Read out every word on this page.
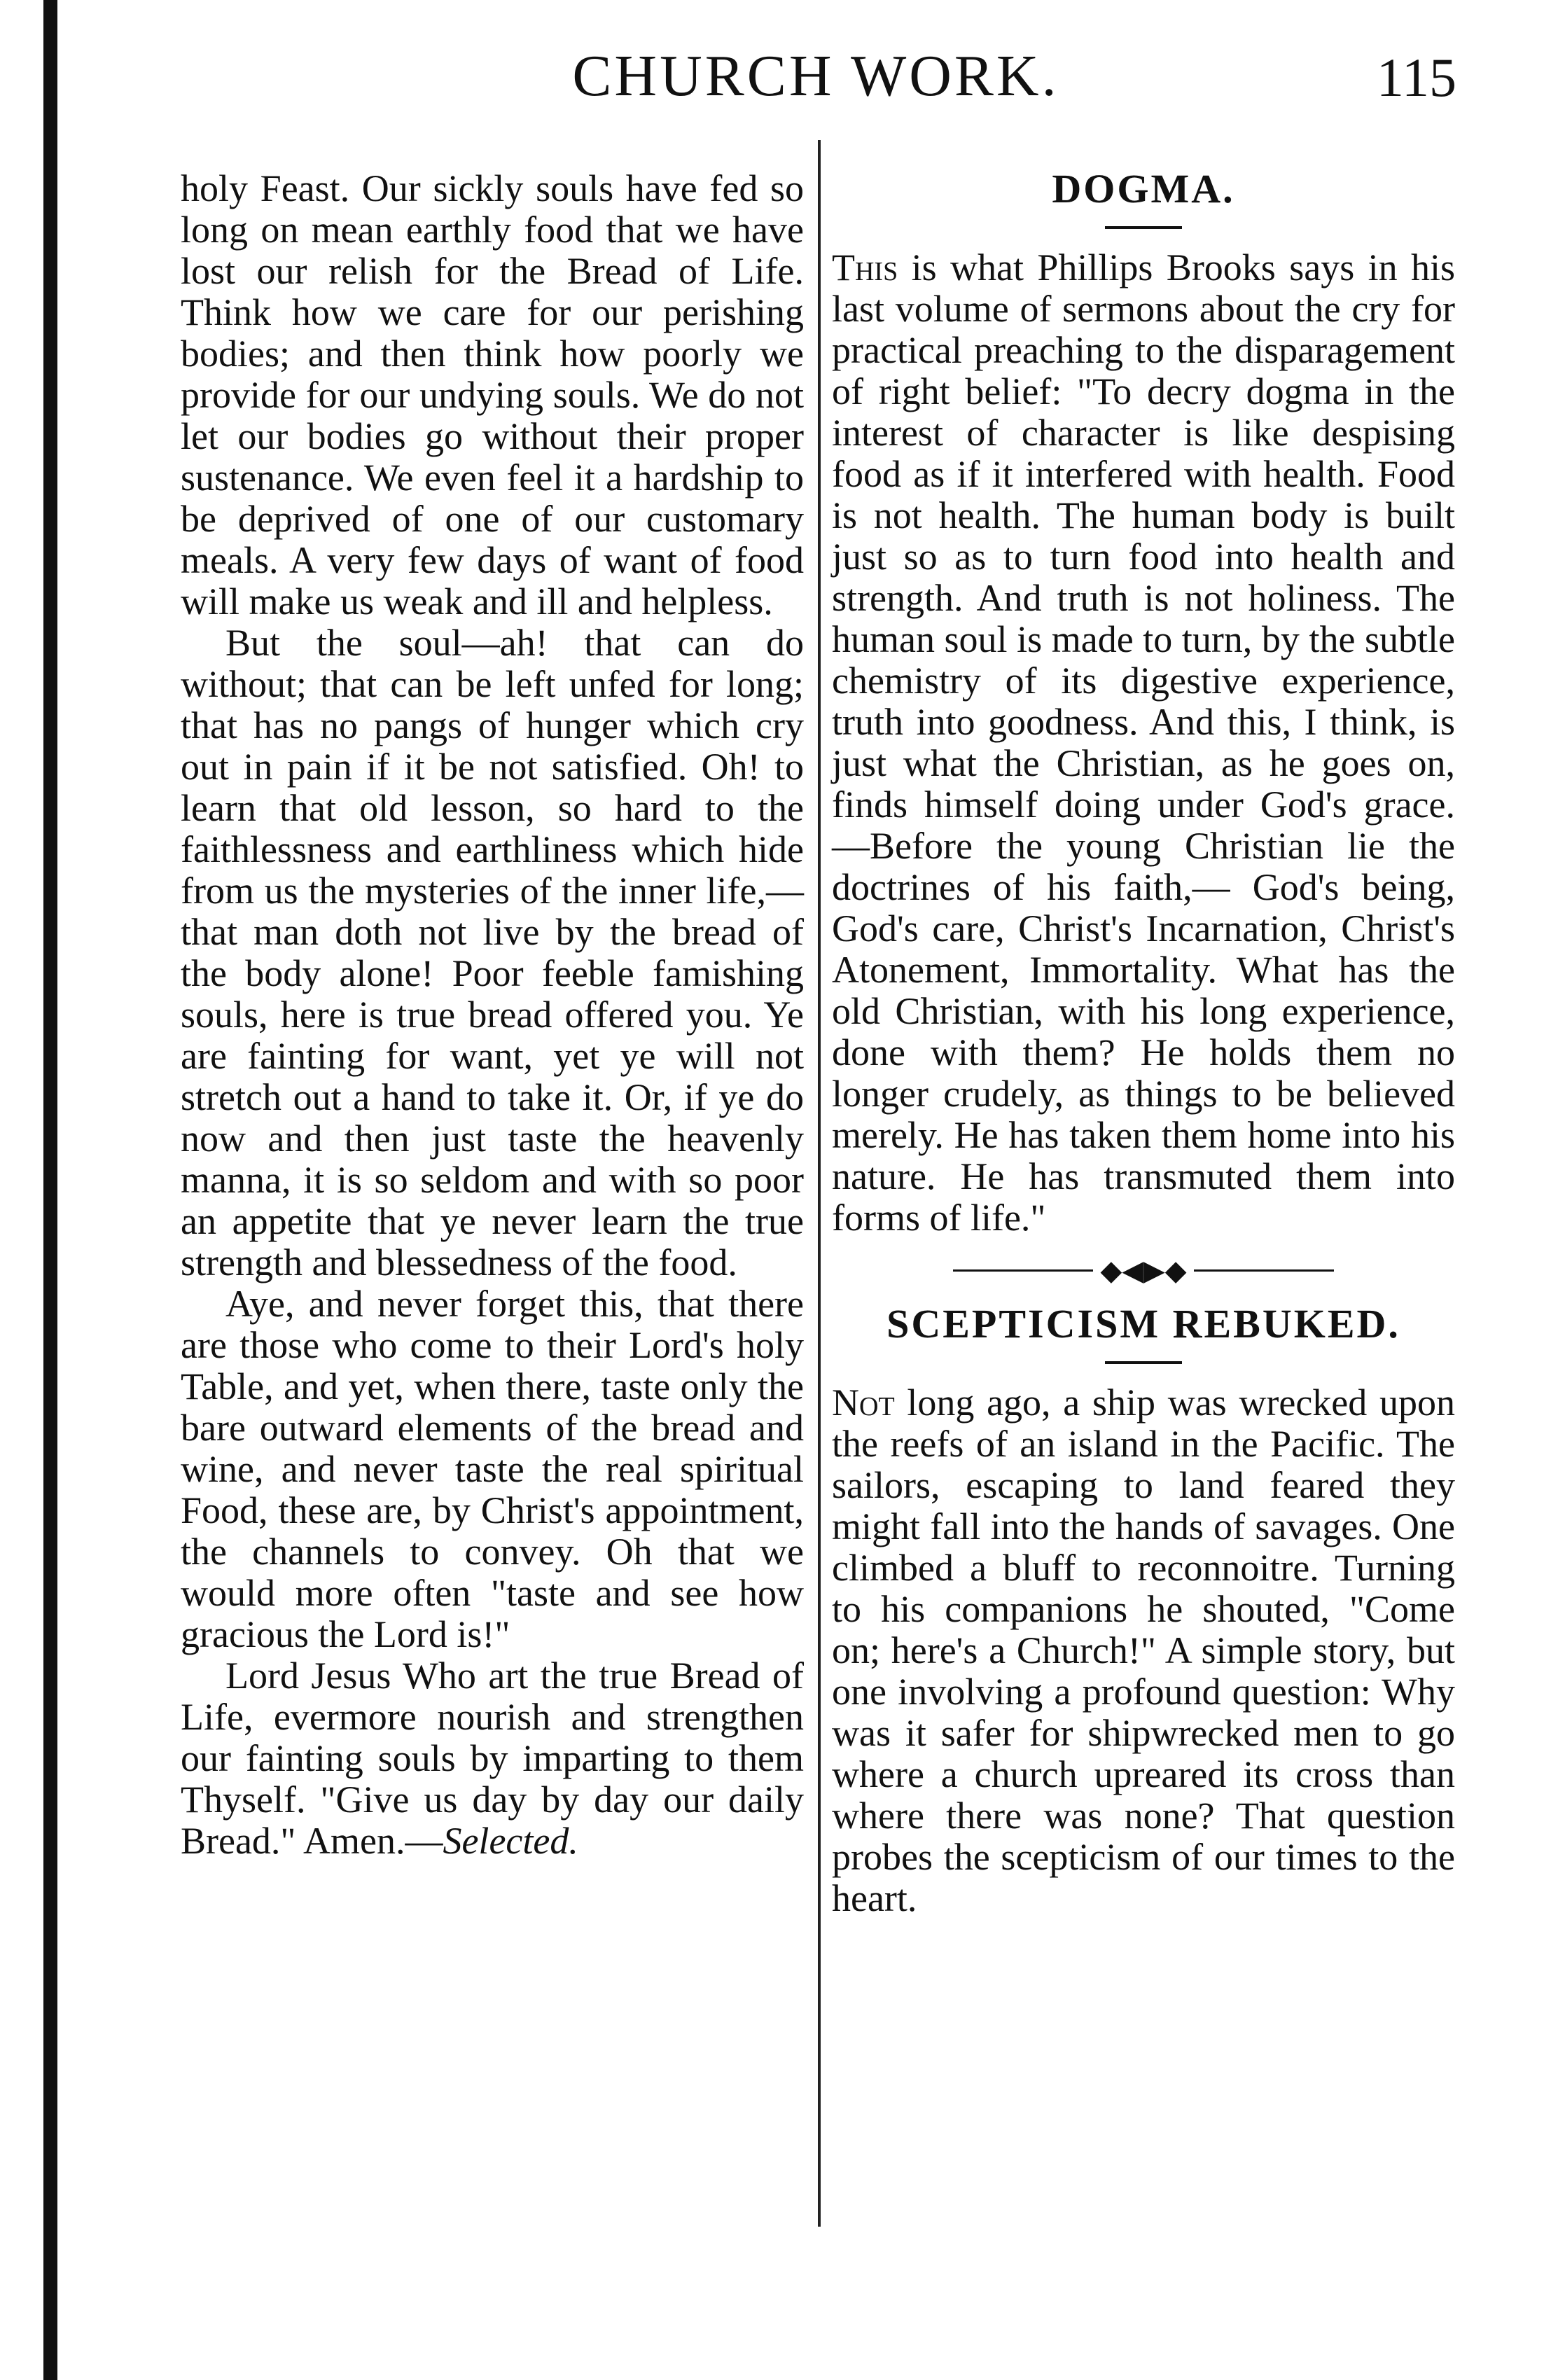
CHURCH WORK.	115

holy Feast. Our sickly souls have fed so long on mean earthly food that we have lost our relish for the Bread of Life. Think how we care for our perishing bodies; and then think how poorly we provide for our undying souls. We do not let our bodies go without their proper sustenance. We even feel it a hardship to be deprived of one of our customary meals. A very few days of want of food will make us weak and ill and helpless.

But the soul—ah! that can do without; that can be left unfed for long; that has no pangs of hunger which cry out in pain if it be not satisfied. Oh! to learn that old lesson, so hard to the faithlessness and earthliness which hide from us the mysteries of the inner life,—that man doth not live by the bread of the body alone! Poor feeble famishing souls, here is true bread offered you. Ye are fainting for want, yet ye will not stretch out a hand to take it. Or, if ye do now and then just taste the heavenly manna, it is so seldom and with so poor an appetite that ye never learn the true strength and blessedness of the food.

Aye, and never forget this, that there are those who come to their Lord's holy Table, and yet, when there, taste only the bare outward elements of the bread and wine, and never taste the real spiritual Food, these are, by Christ's appointment, the channels to convey. Oh that we would more often "taste and see how gracious the Lord is!"

Lord Jesus Who art the true Bread of Life, evermore nourish and strengthen our fainting souls by imparting to them Thyself. "Give us day by day our daily Bread." Amen.—Selected.

DOGMA.

This is what Phillips Brooks says in his last volume of sermons about the cry for practical preaching to the disparagement of right belief: "To decry dogma in the interest of character is like despising food as if it interfered with health. Food is not health. The human body is built just so as to turn food into health and strength. And truth is not holiness. The human soul is made to turn, by the subtle chemistry of its digestive experience, truth into goodness. And this, I think, is just what the Christian, as he goes on, finds himself doing under God's grace.—Before the young Christian lie the doctrines of his faith,— God's being, God's care, Christ's Incarnation, Christ's Atonement, Immortality. What has the old Christian, with his long experience, done with them? He holds them no longer crudely, as things to be believed merely. He has taken them home into his nature. He has transmuted them into forms of life."

◆◀▶◆
SCEPTICISM REBUKED.

Not long ago, a ship was wrecked upon the reefs of an island in the Pacific. The sailors, escaping to land feared they might fall into the hands of savages. One climbed a bluff to reconnoitre. Turning to his companions he shouted, "Come on; here's a Church!" A simple story, but one involving a profound question: Why was it safer for shipwrecked men to go where a church upreared its cross than where there was none? That question probes the scepticism of our times to the heart.
